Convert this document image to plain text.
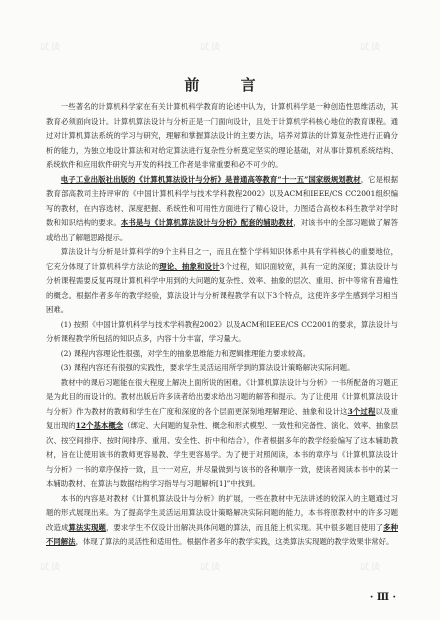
试读	试读	试读
试读	试读	试读
前 言

一些著名的计算机科学家在有关计算机科学教育的论述中认为，计算机科学是一种创造性思维活动，其教育必须面向设计。计算机算法设计与分析正是一门面向设计，且处于计算机学科核心地位的教育课程。通过对计算机算法系统的学习与研究，理解和掌握算法设计的主要方法，培养对算法的计算复杂性进行正确分析的能力，为独立地设计算法和对给定算法进行复杂性分析奠定坚实的理论基础，对从事计算机系统结构、系统软件和应用软件研究与开发的科技工作者是非常重要和必不可少的。

电子工业出版社出版的《计算机算法设计与分析》是普通高等教育“十一五”国家级规划教材，它是根据教育部高教司主持评审的《中国计算机科学与技术学科教程2002》以及ACM和IEEE/CS CC2001组织编写的教材，在内容选材、深度把握、系统性和可用性方面进行了精心设计，力图适合高校本科生教学对学时数和知识结构的要求。本书是与《计算机算法设计与分析》配套的辅助教材，对该书中的全部习题做了解答或给出了解题思路提示。

算法设计与分析是计算科学的9个主科目之一，而且在整个学科知识体系中具有学科核心的重要地位，它充分体现了计算机科学方法论的理论、抽象和设计3个过程，知识面较宽，具有一定的深度；算法设计与分析课程需要反复再现计算机科学中用到的大问题的复杂性、效率、抽象的层次、重用、折中等常有普遍性的概念。根据作者多年的教学经验，算法设计与分析课程教学有以下3个特点，这使许多学生感到学习相当困难。

(1) 按照《中国计算机科学与技术学科教程2002》以及ACM和IEEE/CS CC2001的要求，算法设计与分析课程教学所包括的知识点多，内容十分丰富，学习量大。

(2) 课程内容理论性很强，对学生的抽象思维能力和逻辑推理能力要求较高。

(3) 课程内容还有很强的实践性，要求学生灵活运用所学到的算法设计策略解决实际问题。

教材中的课后习题能在很大程度上解决上面所说的困难。《计算机算法设计与分析》一书所配备的习题正是为此目的而设计的。教材出版后许多读者给出要求给出习题的解答和提示。为了让使用《计算机算法设计与分析》作为教材的教师和学生在广度和深度的各个层面更深刻地理解理论、抽象和设计这3个过程以及重复出现的12个基本概念（绑定、大问题的复杂性、概念和形式模型、一致性和完备性、演化、效率、抽象层次、按空间排序、按时间排序、重用、安全性、折中和结合），作者根据多年的教学经验编写了这本辅助教材，旨在让使用该书的教师更容易教、学生更容易学。为了便于对照阅读，本书的章序与《计算机算法设计与分析》一书的章序保持一致，且一一对应，并尽量做到与该书的各种顺序一致，使读者阅读本书中的某一本辅助教材、在算法与数据结构学习指导与习题解析[1]”中找到。

本书的内容是对教材《计算机算法设计与分析》的扩展，一些在教材中无法讲述的较深入的主题通过习题的形式展现出来。为了提高学生灵活运用算法设计策略解决实际问题的能力，本书将原教材中的许多习题改造成算法实现题，要求学生不仅设计出解决具体问题的算法，而且能上机实现。其中很多题目使用了多种不同解法，体现了算法的灵活性和适用性。根据作者多年的教学实践，这类算法实现题的教学效果非常好。

· Ⅲ ·
